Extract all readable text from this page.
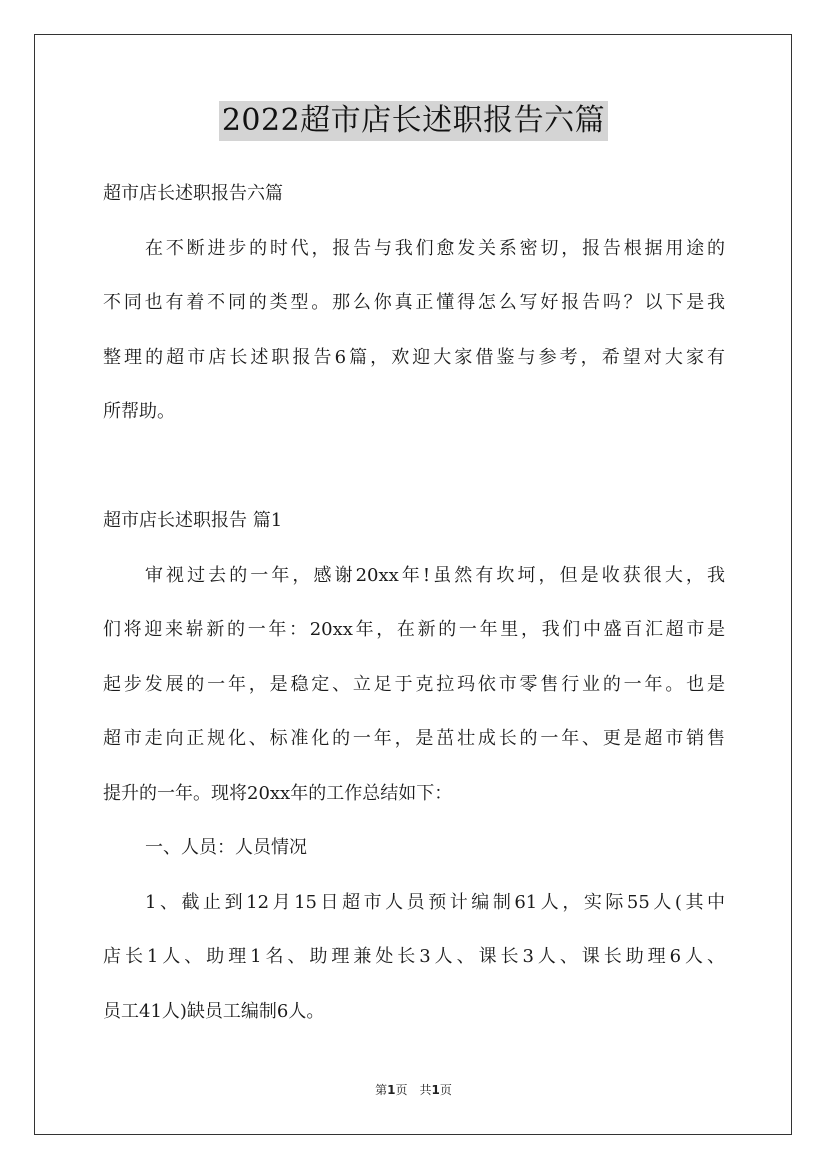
2022超市店长述职报告六篇
超市店长述职报告六篇
在不断进步的时代，报告与我们愈发关系密切，报告根据用途的
不同也有着不同的类型。那么你真正懂得怎么写好报告吗？以下是我
整理的超市店长述职报告6篇，欢迎大家借鉴与参考，希望对大家有
所帮助。
超市店长述职报告 篇1
审视过去的一年，感谢20xx年!虽然有坎坷，但是收获很大，我
们将迎来崭新的一年：20xx年，在新的一年里，我们中盛百汇超市是
起步发展的一年，是稳定、立足于克拉玛依市零售行业的一年。也是
超市走向正规化、标准化的一年，是茁壮成长的一年、更是超市销售
提升的一年。现将20xx年的工作总结如下：
一、人员：人员情况
1、截止到12月15日超市人员预计编制61人，实际55人(其中
店长1人、助理1名、助理兼处长3人、课长3人、课长助理6人、
员工41人)缺员工编制6人。
第1页　共1页
